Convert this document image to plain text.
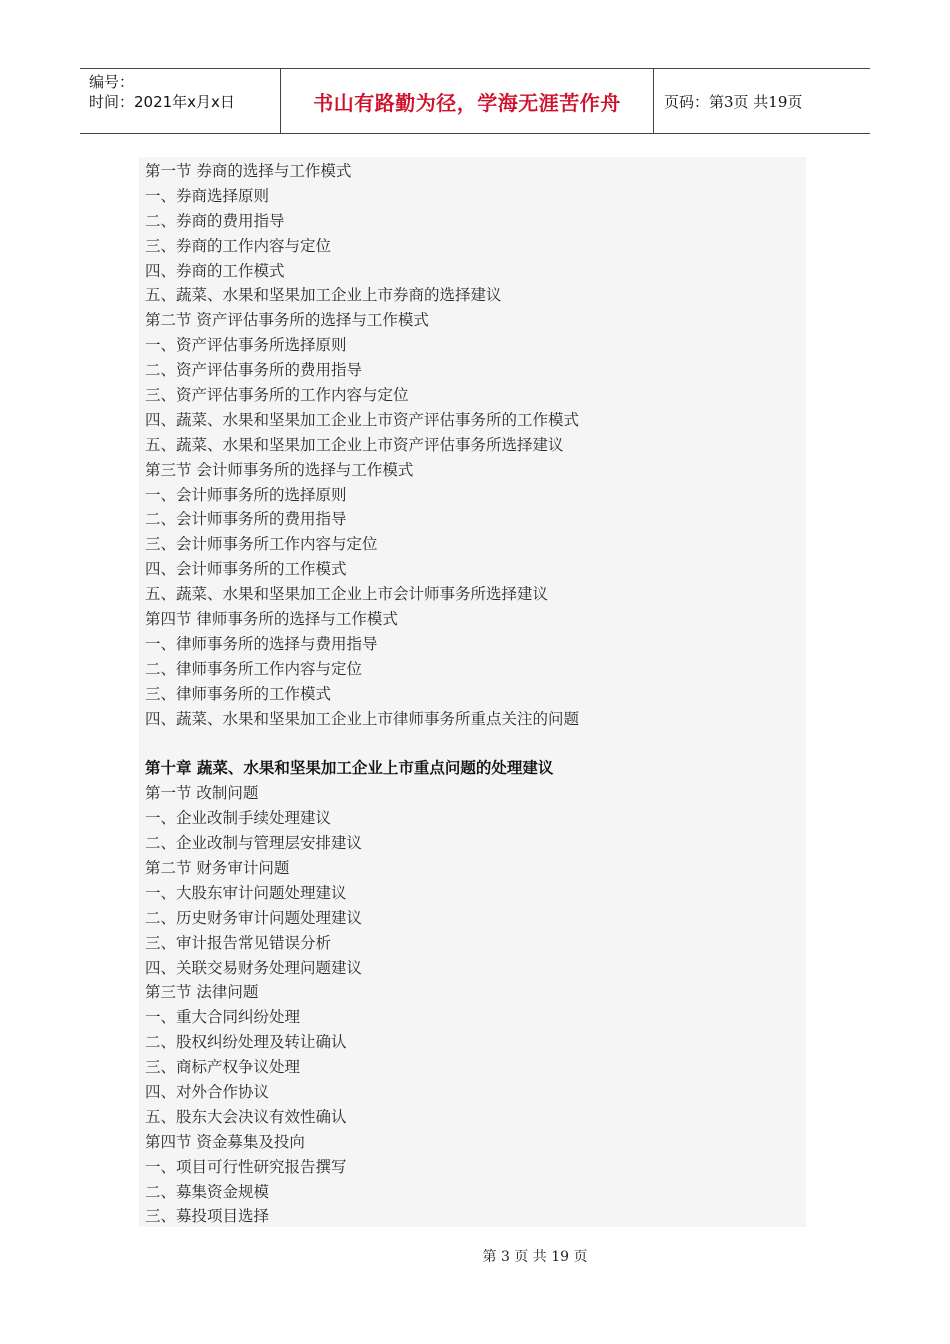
编号：
时间：2021年x月x日	书山有路勤为径，学海无涯苦作舟	页码：第3页 共19页
第一节 券商的选择与工作模式
一、券商选择原则
二、券商的费用指导
三、券商的工作内容与定位
四、券商的工作模式
五、蔬菜、水果和坚果加工企业上市券商的选择建议
第二节 资产评估事务所的选择与工作模式
一、资产评估事务所选择原则
二、资产评估事务所的费用指导
三、资产评估事务所的工作内容与定位
四、蔬菜、水果和坚果加工企业上市资产评估事务所的工作模式
五、蔬菜、水果和坚果加工企业上市资产评估事务所选择建议
第三节 会计师事务所的选择与工作模式
一、会计师事务所的选择原则
二、会计师事务所的费用指导
三、会计师事务所工作内容与定位
四、会计师事务所的工作模式
五、蔬菜、水果和坚果加工企业上市会计师事务所选择建议
第四节 律师事务所的选择与工作模式
一、律师事务所的选择与费用指导
二、律师事务所工作内容与定位
三、律师事务所的工作模式
四、蔬菜、水果和坚果加工企业上市律师事务所重点关注的问题
第十章 蔬菜、水果和坚果加工企业上市重点问题的处理建议
第一节 改制问题
一、企业改制手续处理建议
二、企业改制与管理层安排建议
第二节 财务审计问题
一、大股东审计问题处理建议
二、历史财务审计问题处理建议
三、审计报告常见错误分析
四、关联交易财务处理问题建议
第三节 法律问题
一、重大合同纠纷处理
二、股权纠纷处理及转让确认
三、商标产权争议处理
四、对外合作协议
五、股东大会决议有效性确认
第四节 资金募集及投向
一、项目可行性研究报告撰写
二、募集资金规模
三、募投项目选择
第 3 页 共 19 页
